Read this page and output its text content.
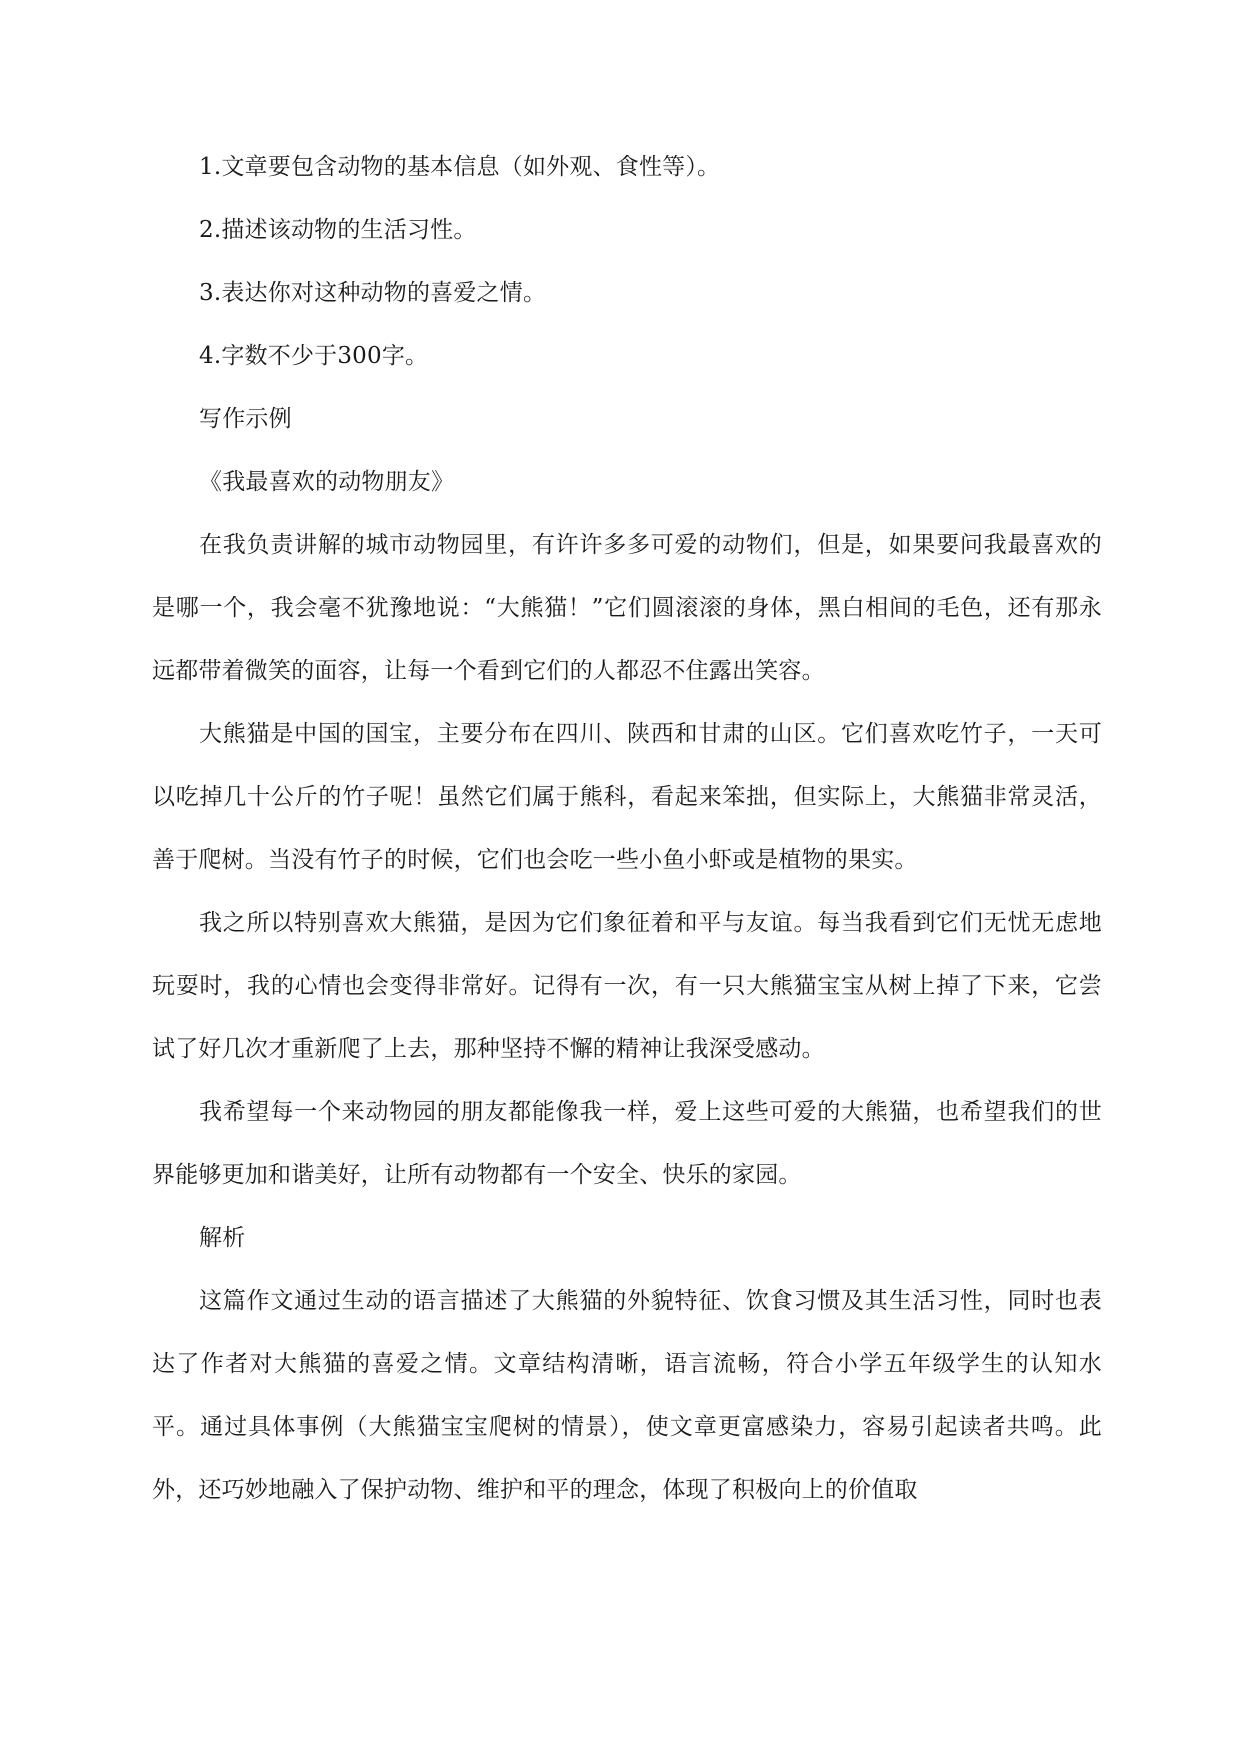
1.文章要包含动物的基本信息（如外观、食性等）。

2.描述该动物的生活习性。

3.表达你对这种动物的喜爱之情。

4.字数不少于300字。

写作示例

《我最喜欢的动物朋友》

在我负责讲解的城市动物园里，有许许多多可爱的动物们，但是，如果要问我最喜欢的是哪一个，我会毫不犹豫地说：“大熊猫！”它们圆滚滚的身体，黑白相间的毛色，还有那永远都带着微笑的面容，让每一个看到它们的人都忍不住露出笑容。

大熊猫是中国的国宝，主要分布在四川、陕西和甘肃的山区。它们喜欢吃竹子，一天可以吃掉几十公斤的竹子呢！虽然它们属于熊科，看起来笨拙，但实际上，大熊猫非常灵活，善于爬树。当没有竹子的时候，它们也会吃一些小鱼小虾或是植物的果实。

我之所以特别喜欢大熊猫，是因为它们象征着和平与友谊。每当我看到它们无忧无虑地玩耍时，我的心情也会变得非常好。记得有一次，有一只大熊猫宝宝从树上掉了下来，它尝试了好几次才重新爬了上去，那种坚持不懈的精神让我深受感动。

我希望每一个来动物园的朋友都能像我一样，爱上这些可爱的大熊猫，也希望我们的世界能够更加和谐美好，让所有动物都有一个安全、快乐的家园。

解析

这篇作文通过生动的语言描述了大熊猫的外貌特征、饮食习惯及其生活习性，同时也表达了作者对大熊猫的喜爱之情。文章结构清晰，语言流畅，符合小学五年级学生的认知水平。通过具体事例（大熊猫宝宝爬树的情景），使文章更富感染力，容易引起读者共鸣。此外，还巧妙地融入了保护动物、维护和平的理念，体现了积极向上的价值取
